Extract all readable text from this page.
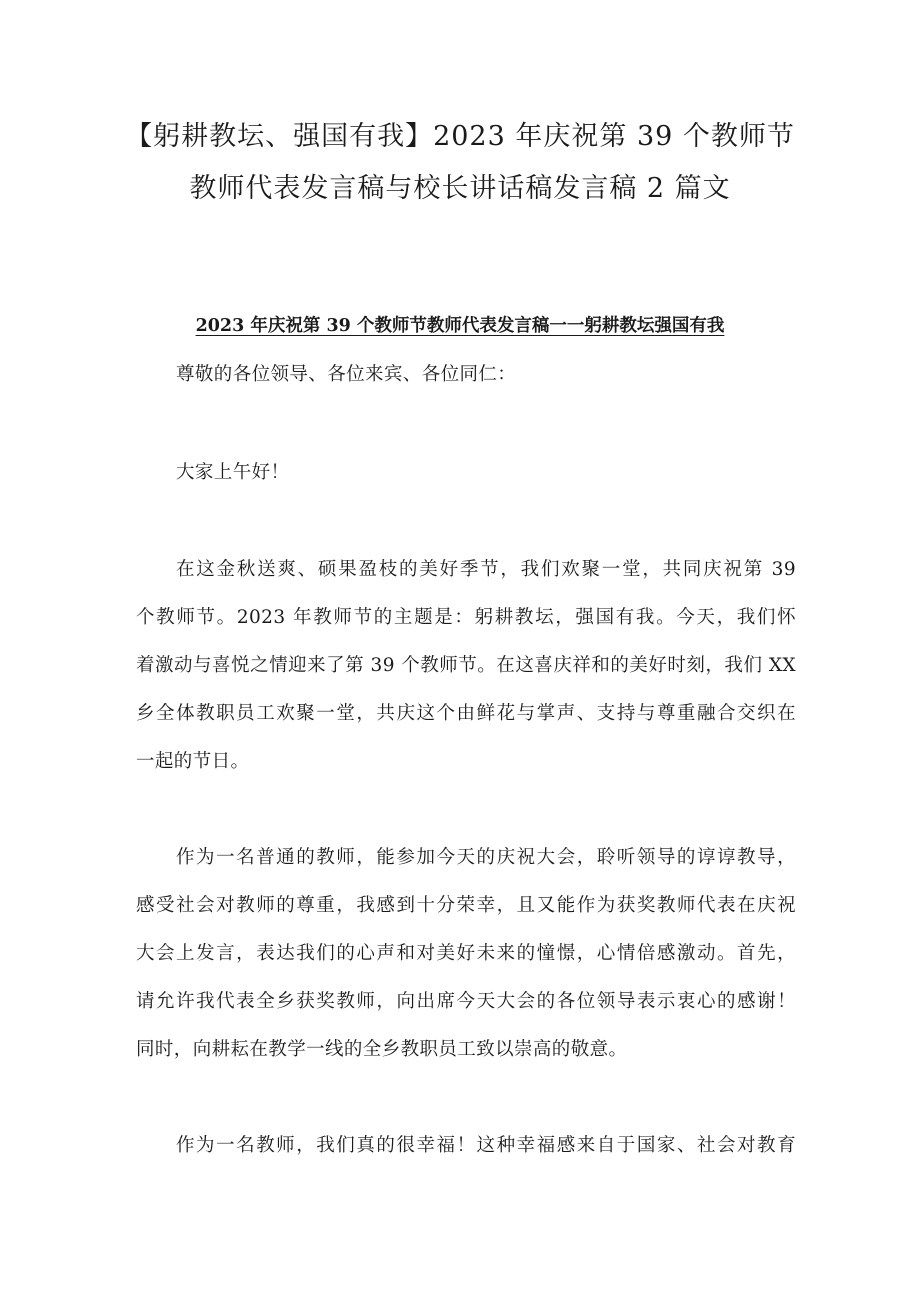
【躬耕教坛、强国有我】2023 年庆祝第 39 个教师节
教师代表发言稿与校长讲话稿发言稿 2 篇文
2023 年庆祝第 39 个教师节教师代表发言稿一一躬耕教坛强国有我
尊敬的各位领导、各位来宾、各位同仁：
大家上午好！
在这金秋送爽、硕果盈枝的美好季节，我们欢聚一堂，共同庆祝第 39
个教师节。2023 年教师节的主题是：躬耕教坛，强国有我。今天，我们怀
着激动与喜悦之情迎来了第 39 个教师节。在这喜庆祥和的美好时刻，我们 XX
乡全体教职员工欢聚一堂，共庆这个由鲜花与掌声、支持与尊重融合交织在
一起的节日。
作为一名普通的教师，能参加今天的庆祝大会，聆听领导的谆谆教导，
感受社会对教师的尊重，我感到十分荣幸，且又能作为获奖教师代表在庆祝
大会上发言，表达我们的心声和对美好未来的憧憬，心情倍感激动。首先，
请允许我代表全乡获奖教师，向出席今天大会的各位领导表示衷心的感谢！
同时，向耕耘在教学一线的全乡教职员工致以崇高的敬意。
作为一名教师，我们真的很幸福！这种幸福感来自于国家、社会对教育
